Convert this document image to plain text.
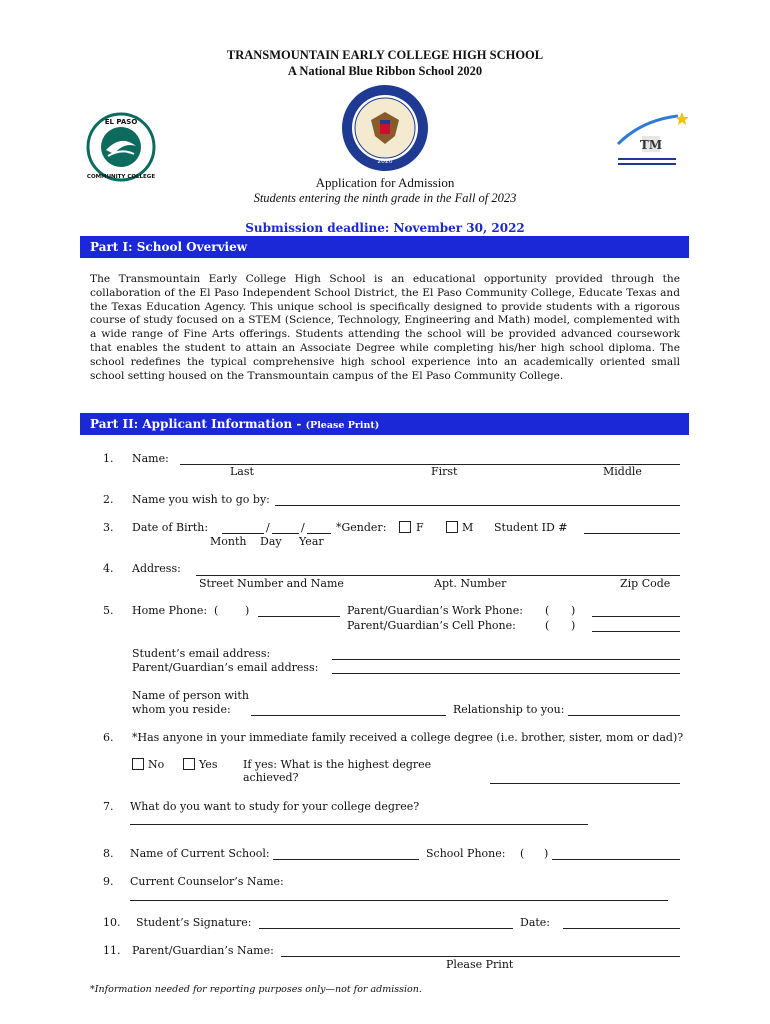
TRANSMOUNTAIN EARLY COLLEGE HIGH SCHOOL
A National Blue Ribbon School 2020
EL PASO
COMMUNITY COLLEGE
2020
TM
Application for Admission
Students entering the ninth grade in the Fall of 2023
Submission deadline: November 30, 2022
Part I: School Overview
The Transmountain Early College High School is an educational opportunity provided through the collaboration of the El Paso Independent School District, the El Paso Community College, Educate Texas and the Texas Education Agency. This unique school is specifically designed to provide students with a rigorous course of study focused on a STEM (Science, Technology, Engineering and Math) model, complemented with a wide range of Fine Arts offerings. Students attending the school will be provided advanced coursework that enables the student to attain an Associate Degree while completing his/her high school diploma. The school redefines the typical comprehensive high school experience into an academically oriented small school setting housed on the Transmountain campus of the El Paso Community College.
Part II: Applicant Information - (Please Print)
1. Name:
Last	First	Middle
2. Name you wish to go by:
3. Date of Birth:	/	/	*Gender:	F	M Student ID #
Month Day Year
4. Address:
Street Number and Name	Apt. Number	Zip Code
5. Home Phone: ( )	Parent/Guardian’s Work Phone: ( )
Parent/Guardian’s Cell Phone:	( )
Student’s email address:
Parent/Guardian’s email address:
Name of person with
whom you reside:	Relationship to you:
6. *Has anyone in your immediate family received a college degree (i.e. brother, sister, mom or dad)?
No	Yes If yes: What is the highest degree
achieved?
7. What do you want to study for your college degree?
8. Name of Current School:	School Phone: ( )
9. Current Counselor’s Name:
10. Student’s Signature:	Date:
11. Parent/Guardian’s Name:
Please Print
*Information needed for reporting purposes only—not for admission.
